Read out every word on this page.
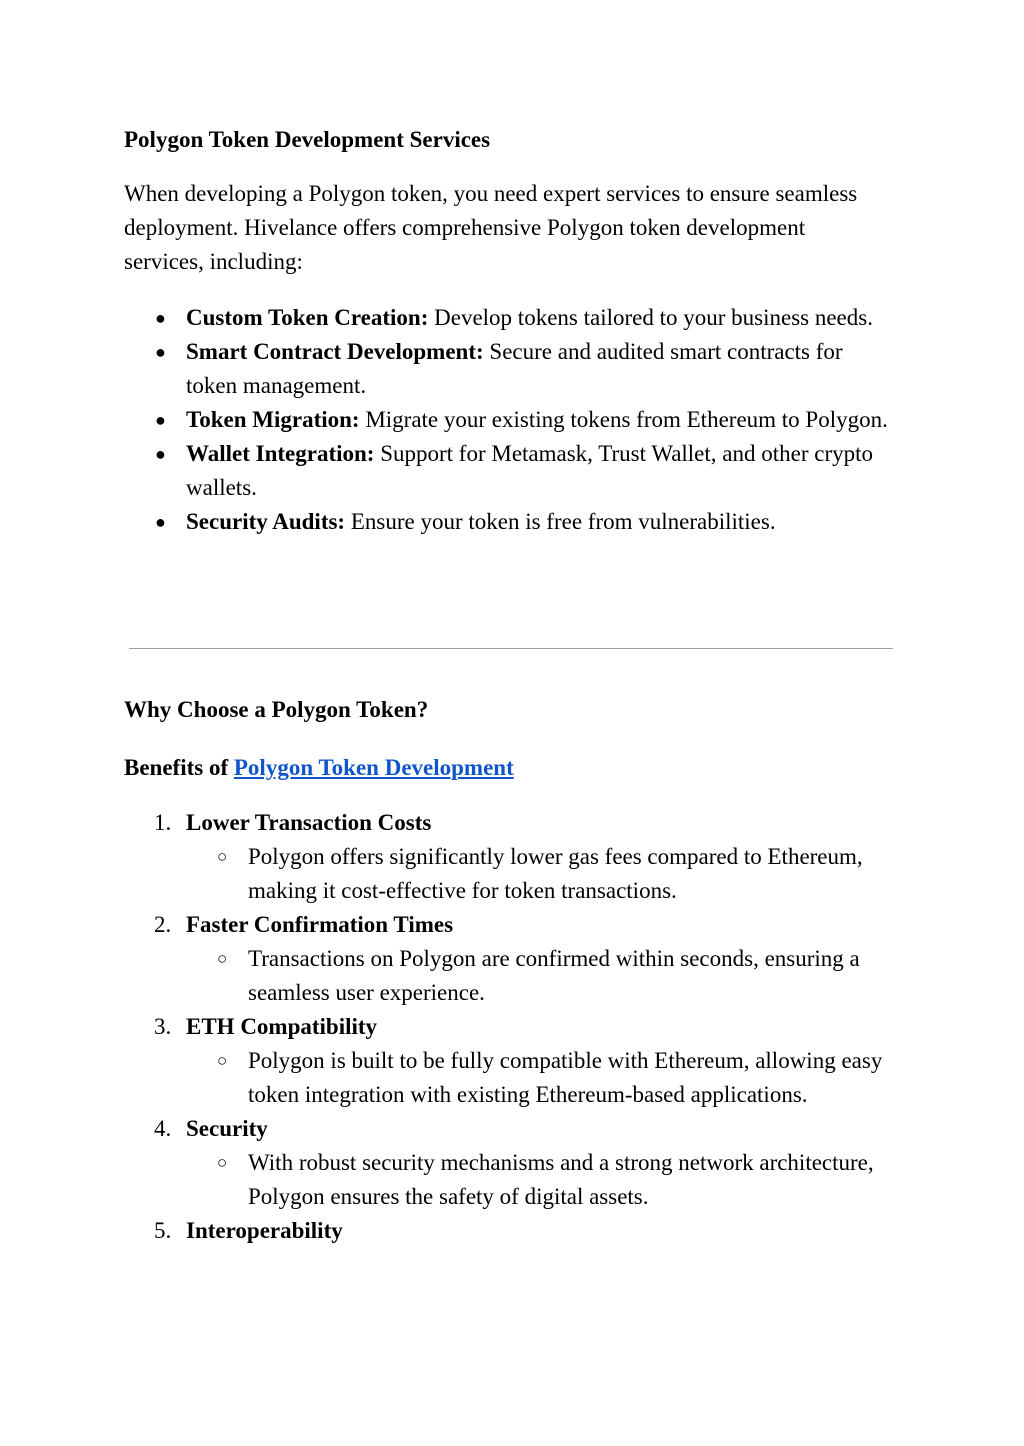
Polygon Token Development Services
When developing a Polygon token, you need expert services to ensure seamless deployment. Hivelance offers comprehensive Polygon token development services, including:
● Custom Token Creation: Develop tokens tailored to your business needs.
● Smart Contract Development: Secure and audited smart contracts for token management.
● Token Migration: Migrate your existing tokens from Ethereum to Polygon.
● Wallet Integration: Support for Metamask, Trust Wallet, and other crypto wallets.
● Security Audits: Ensure your token is free from vulnerabilities.
Why Choose a Polygon Token?
Benefits of Polygon Token Development
1. Lower Transaction Costs
○ Polygon offers significantly lower gas fees compared to Ethereum, making it cost-effective for token transactions.
2. Faster Confirmation Times
○ Transactions on Polygon are confirmed within seconds, ensuring a seamless user experience.
3. ETH Compatibility
○ Polygon is built to be fully compatible with Ethereum, allowing easy token integration with existing Ethereum-based applications.
4. Security
○ With robust security mechanisms and a strong network architecture, Polygon ensures the safety of digital assets.
5. Interoperability
